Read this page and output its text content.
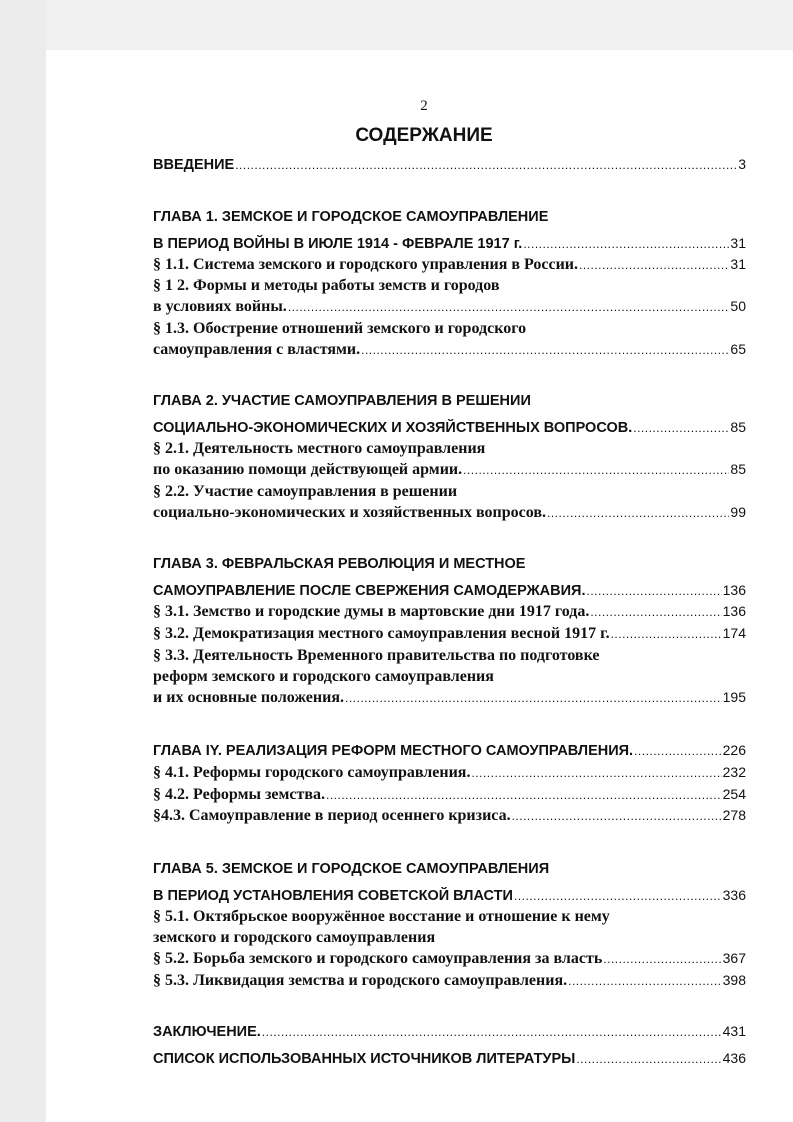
2
СОДЕРЖАНИЕ
ВВЕДЕНИЕ .....	3
ГЛАВА 1. ЗЕМСКОЕ И ГОРОДСКОЕ САМОУПРАВЛЕНИЕ
В ПЕРИОД ВОЙНЫ В ИЮЛЕ 1914 - ФЕВРАЛЕ 1917 г. .....	31
§ 1.1. Система земского и городского управления в России. .....	31
§ 1 2. Формы и методы работы земств и городов
в условиях войны. .....	50
§ 1.3. Обострение отношений земского и городского
самоуправления с властями. .....	65
ГЛАВА 2. УЧАСТИЕ САМОУПРАВЛЕНИЯ В РЕШЕНИИ
СОЦИАЛЬНО-ЭКОНОМИЧЕСКИХ И ХОЗЯЙСТВЕННЫХ ВОПРОСОВ. .....	85
§ 2.1. Деятельность местного самоуправления
по оказанию помощи действующей армии. .....	85
§ 2.2. Участие самоуправления в решении
социально-экономических и хозяйственных вопросов. .....	99
ГЛАВА 3. ФЕВРАЛЬСКАЯ РЕВОЛЮЦИЯ И МЕСТНОЕ
САМОУПРАВЛЕНИЕ ПОСЛЕ СВЕРЖЕНИЯ САМОДЕРЖАВИЯ. .....	136
§ 3.1. Земство и городские думы в мартовские дни 1917 года. .....	136
§ 3.2. Демократизация местного самоуправления весной 1917 г. .....	174
§ 3.3. Деятельность Временного правительства по подготовке
реформ земского и городского самоуправления
и их основные положения. .....	195
ГЛАВА IY. РЕАЛИЗАЦИЯ РЕФОРМ МЕСТНОГО САМОУПРАВЛЕНИЯ. .....	226
§ 4.1. Реформы городского самоуправления. .....	232
§ 4.2. Реформы земства. .....	254
§4.3. Самоуправление в период осеннего кризиса. .....	278
ГЛАВА 5. ЗЕМСКОЕ И ГОРОДСКОЕ САМОУПРАВЛЕНИЯ
В ПЕРИОД УСТАНОВЛЕНИЯ СОВЕТСКОЙ ВЛАСТИ .....	336
§ 5.1. Октябрьское вооружённое восстание и отношение к нему
земского и городского самоуправления
§ 5.2. Борьба земского и городского самоуправления за власть .....	367
§ 5.3. Ликвидация земства и городского самоуправления. .....	398
ЗАКЛЮЧЕНИЕ. .....	431
СПИСОК ИСПОЛЬЗОВАННЫХ ИСТОЧНИКОВ ЛИТЕРАТУРЫ .....	436
